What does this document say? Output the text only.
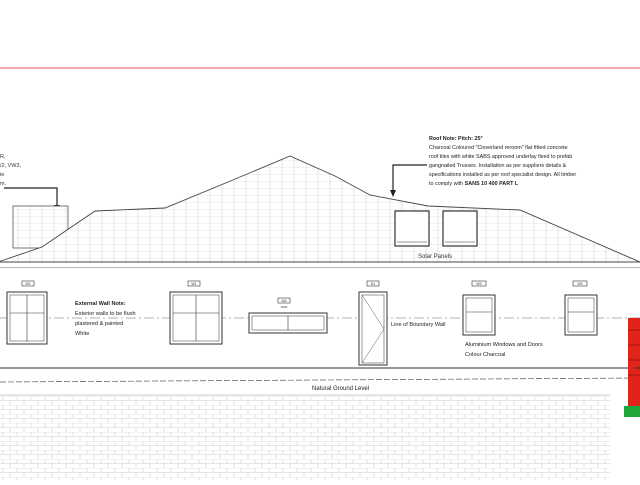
R,
/2, VW3,
ie
m.
Solar Panels
Roof Note: Pitch: 25°
Charcoal Coloured "Cloverland reroom" flat fitted concrete
roof tiles with white SABS approved underlay fixed to prefab
gangnailed Trusses. Installation as per suppliers details &
specifications installed as per roof specialist design. All timber
to comply with SANS 10 400 PART L
W1	W1
W4
1500
D1	W3	W3
External Wall Note:
Exterior walls to be flush
plastered & painted
White
Line of Boundary Wall
Aluminium Windows and Doors
Colour Charcoal
Natural Ground Level
